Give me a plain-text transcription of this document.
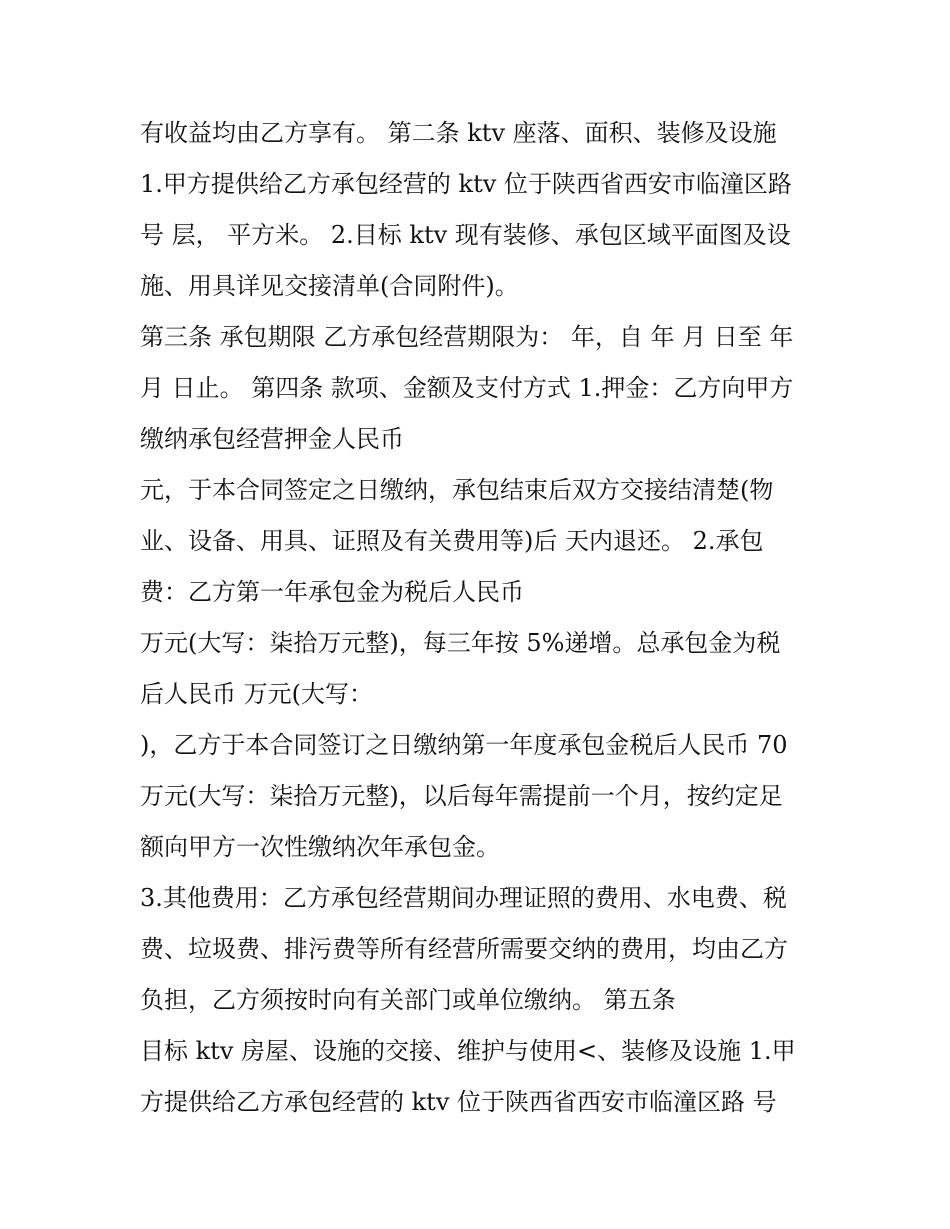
有收益均由乙方享有。 第二条 ktv 座落、面积、装修及设施
1.甲方提供给乙方承包经营的 ktv 位于陕西省西安市临潼区路
号 层， 平方米。 2.目标 ktv 现有装修、承包区域平面图及设
施、用具详见交接清单(合同附件)。
第三条 承包期限 乙方承包经营期限为： 年，自 年 月 日至 年
月 日止。 第四条 款项、金额及支付方式 1.押金：乙方向甲方
缴纳承包经营押金人民币
元，于本合同签定之日缴纳，承包结束后双方交接结清楚(物
业、设备、用具、证照及有关费用等)后 天内退还。 2.承包
费：乙方第一年承包金为税后人民币
万元(大写：柒拾万元整)，每三年按 5%递增。总承包金为税
后人民币 万元(大写：
)，乙方于本合同签订之日缴纳第一年度承包金税后人民币 70
万元(大写：柒拾万元整)，以后每年需提前一个月，按约定足
额向甲方一次性缴纳次年承包金。
3.其他费用：乙方承包经营期间办理证照的费用、水电费、税
费、垃圾费、排污费等所有经营所需要交纳的费用，均由乙方
负担，乙方须按时向有关部门或单位缴纳。 第五条
目标 ktv 房屋、设施的交接、维护与使用<、装修及设施 1.甲
方提供给乙方承包经营的 ktv 位于陕西省西安市临潼区路 号
